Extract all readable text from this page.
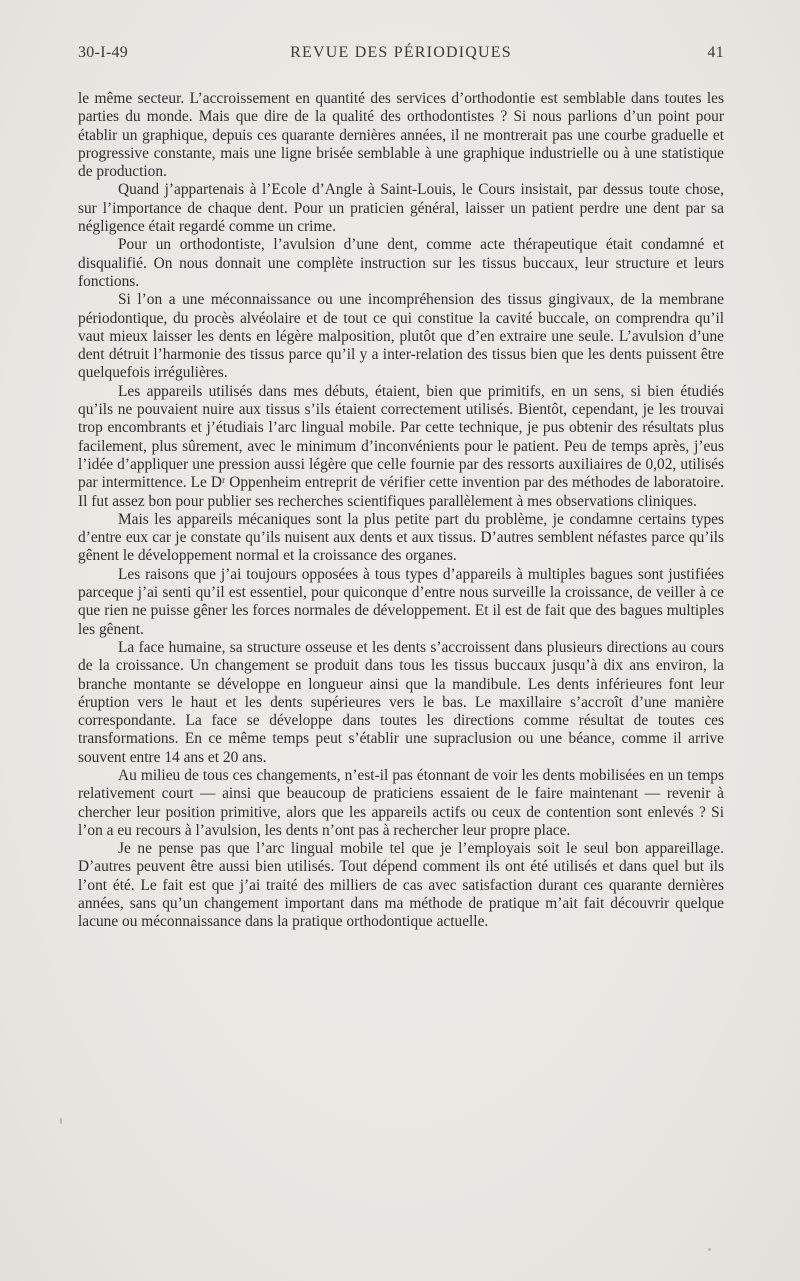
30-I-49	REVUE DES PÉRIODIQUES	41

le même secteur. L’accroissement en quantité des services d’orthodontie est semblable dans toutes les parties du monde. Mais que dire de la qualité des orthodontistes ? Si nous parlions d’un point pour établir un graphique, depuis ces quarante dernières années, il ne montrerait pas une courbe graduelle et progressive constante, mais une ligne brisée semblable à une graphique industrielle ou à une statistique de production.

Quand j’appartenais à l’Ecole d’Angle à Saint-Louis, le Cours insistait, par dessus toute chose, sur l’importance de chaque dent. Pour un praticien général, laisser un patient perdre une dent par sa négligence était regardé comme un crime.

Pour un orthodontiste, l’avulsion d’une dent, comme acte thérapeutique était condamné et disqualifié. On nous donnait une complète instruction sur les tissus buccaux, leur structure et leurs fonctions.

Si l’on a une méconnaissance ou une incompréhension des tissus gingivaux, de la membrane périodontique, du procès alvéolaire et de tout ce qui constitue la cavité buccale, on comprendra qu’il vaut mieux laisser les dents en légère malposition, plutôt que d’en extraire une seule. L’avulsion d’une dent détruit l’harmonie des tissus parce qu’il y a inter-relation des tissus bien que les dents puissent être quelquefois irrégulières.

Les appareils utilisés dans mes débuts, étaient, bien que primitifs, en un sens, si bien étudiés qu’ils ne pouvaient nuire aux tissus s’ils étaient correctement utilisés. Bientôt, cependant, je les trouvai trop encombrants et j’étudiais l’arc lingual mobile. Par cette technique, je pus obtenir des résultats plus facilement, plus sûrement, avec le minimum d’inconvénients pour le patient. Peu de temps après, j’eus l’idée d’appliquer une pression aussi légère que celle fournie par des ressorts auxiliaires de 0,02, utilisés par intermittence. Le Dʳ Oppenheim entreprit de vérifier cette invention par des méthodes de laboratoire. Il fut assez bon pour publier ses recherches scientifiques parallèlement à mes observations cliniques.

Mais les appareils mécaniques sont la plus petite part du problème, je condamne certains types d’entre eux car je constate qu’ils nuisent aux dents et aux tissus. D’autres semblent néfastes parce qu’ils gênent le développement normal et la croissance des organes.

Les raisons que j’ai toujours opposées à tous types d’appareils à multiples bagues sont justifiées parceque j’ai senti qu’il est essentiel, pour quiconque d’entre nous surveille la croissance, de veiller à ce que rien ne puisse gêner les forces normales de développement. Et il est de fait que des bagues multiples les gênent.

La face humaine, sa structure osseuse et les dents s’accroissent dans plusieurs directions au cours de la croissance. Un changement se produit dans tous les tissus buccaux jusqu’à dix ans environ, la branche montante se développe en longueur ainsi que la mandibule. Les dents inférieures font leur éruption vers le haut et les dents supérieures vers le bas. Le maxillaire s’accroît d’une manière correspondante. La face se développe dans toutes les directions comme résultat de toutes ces transformations. En ce même temps peut s’établir une supraclusion ou une béance, comme il arrive souvent entre 14 ans et 20 ans.

Au milieu de tous ces changements, n’est-il pas étonnant de voir les dents mobilisées en un temps relativement court — ainsi que beaucoup de praticiens essaient de le faire maintenant — revenir à chercher leur position primitive, alors que les appareils actifs ou ceux de contention sont enlevés ? Si l’on a eu recours à l’avulsion, les dents n’ont pas à rechercher leur propre place.

Je ne pense pas que l’arc lingual mobile tel que je l’employais soit le seul bon appareillage. D’autres peuvent être aussi bien utilisés. Tout dépend comment ils ont été utilisés et dans quel but ils l’ont été. Le fait est que j’ai traité des milliers de cas avec satisfaction durant ces quarante dernières années, sans qu’un changement important dans ma méthode de pratique m’ait fait découvrir quelque lacune ou méconnaissance dans la pratique orthodontique actuelle.
